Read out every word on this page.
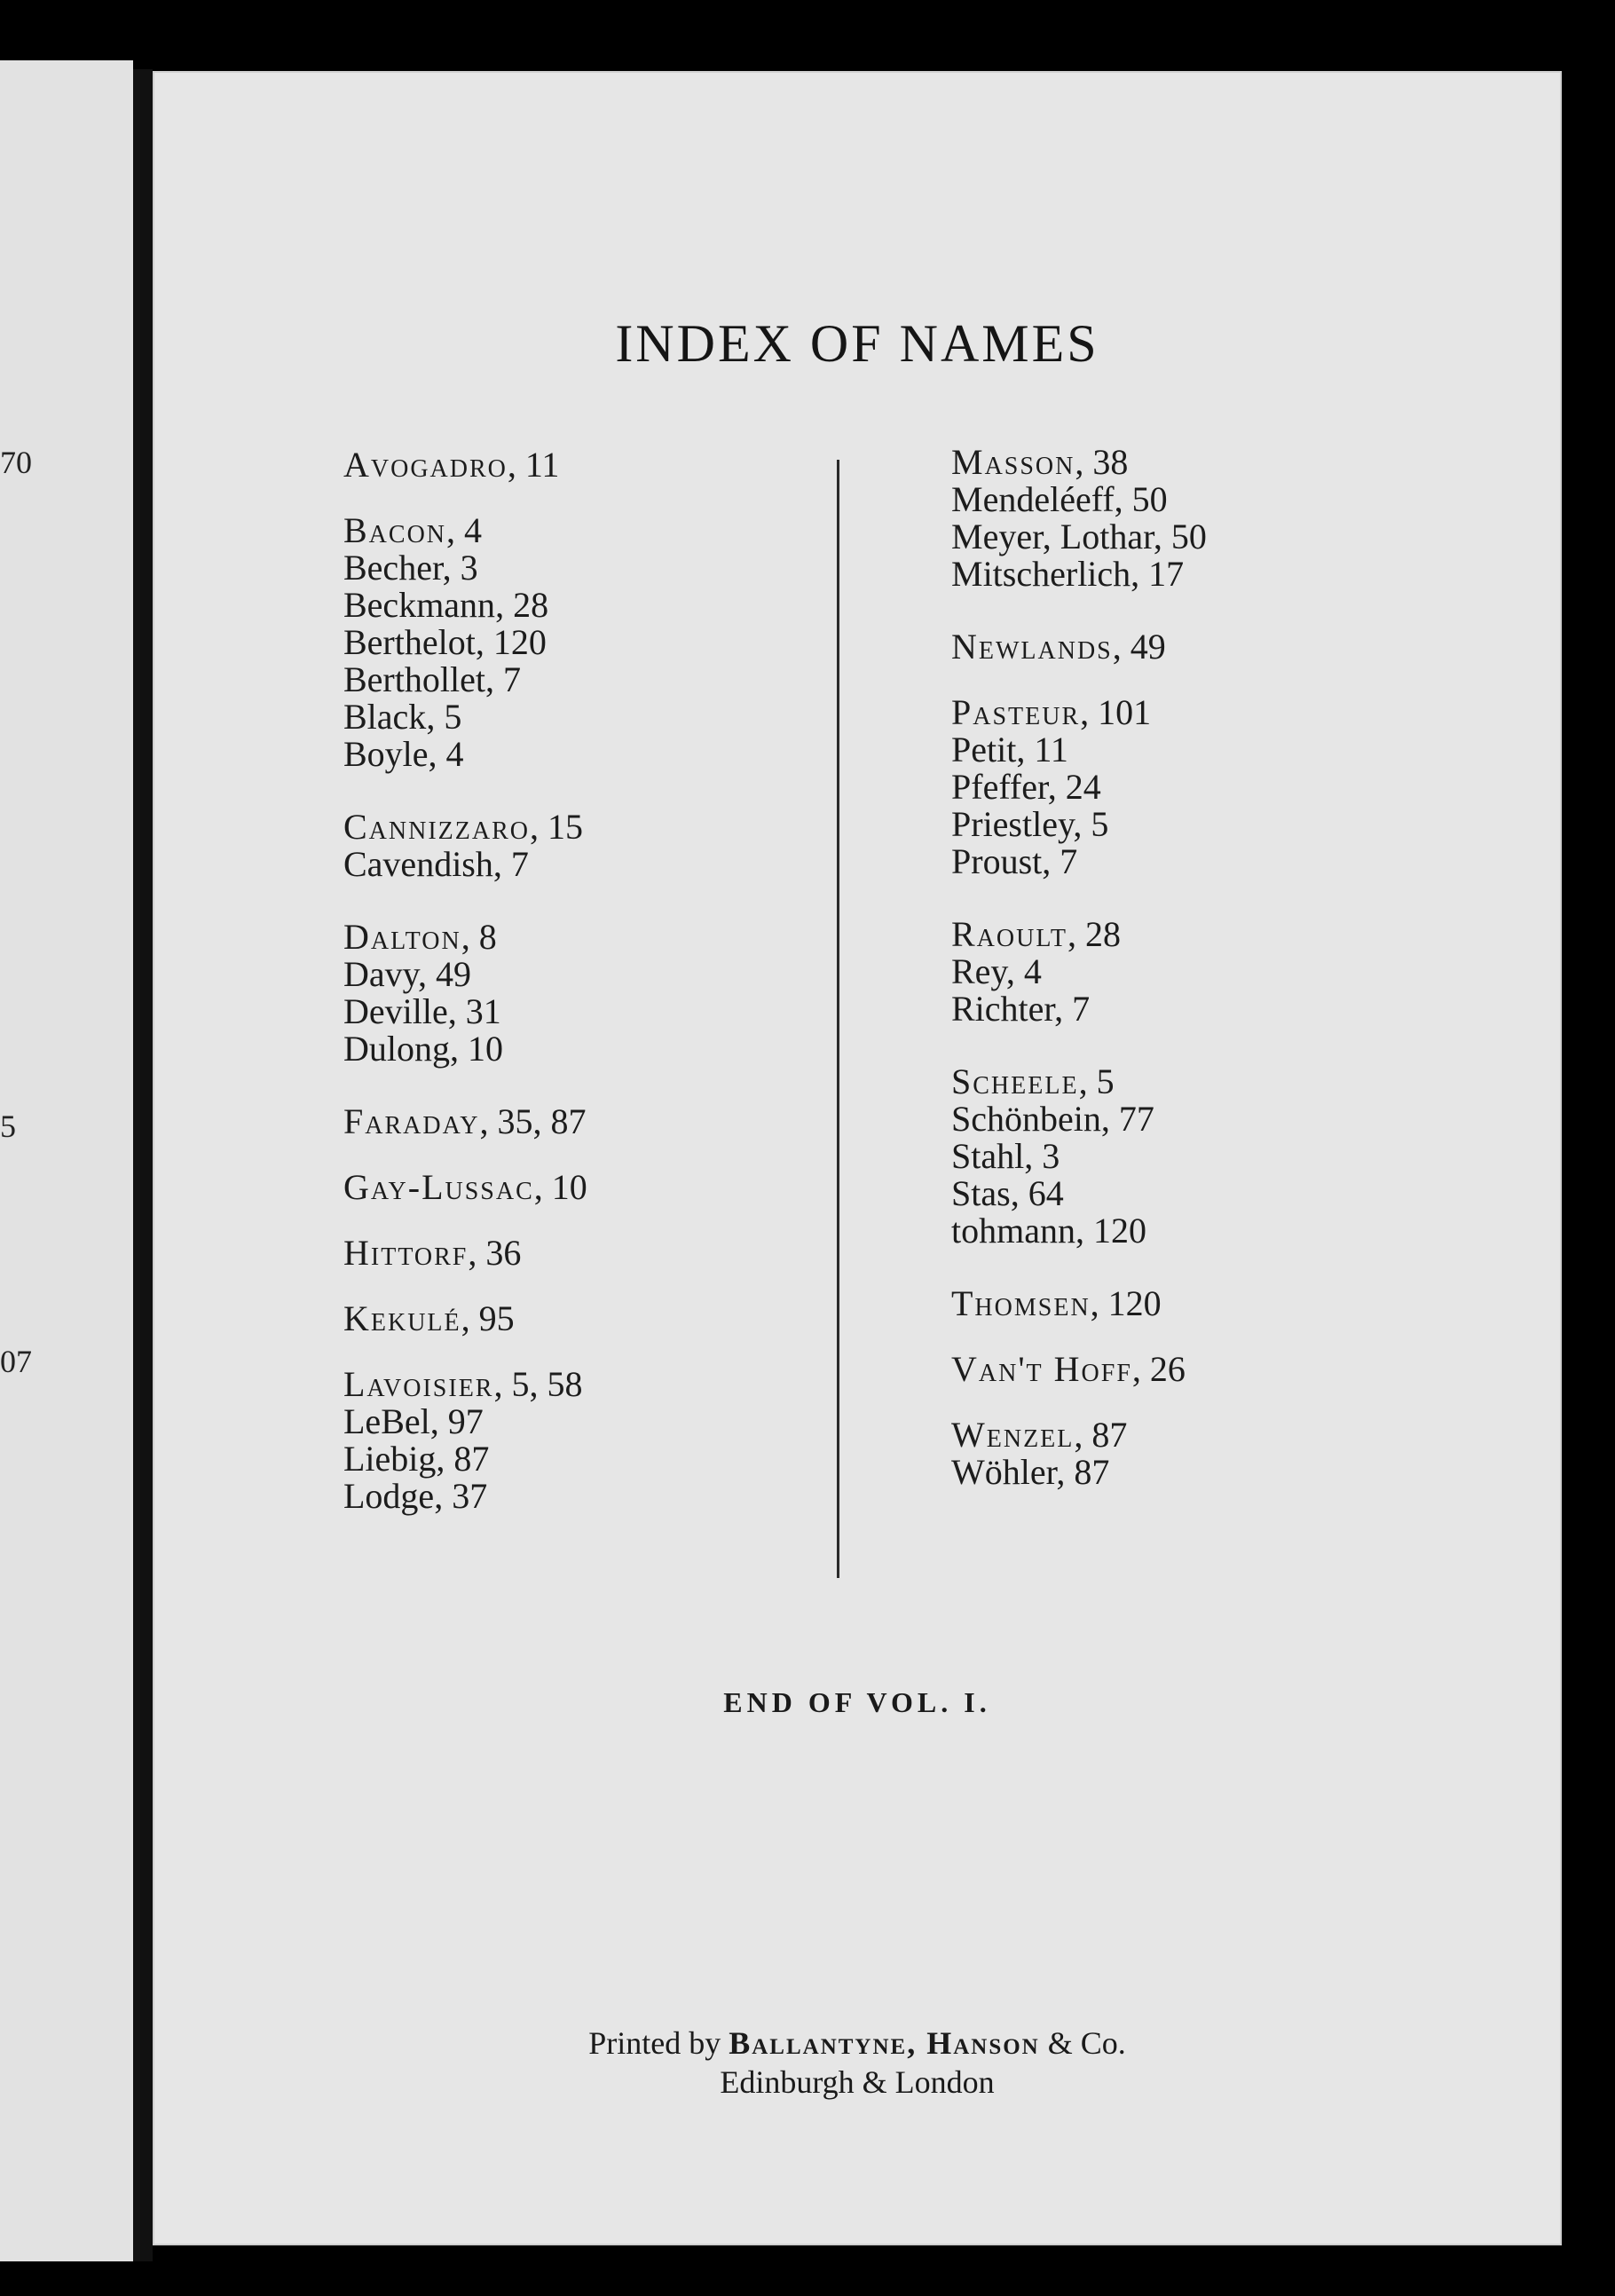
70
5
07
INDEX OF NAMES
Avogadro, 11
Bacon, 4
Becher, 3
Beckmann, 28
Berthelot, 120
Berthollet, 7
Black, 5
Boyle, 4
Cannizzaro, 15
Cavendish, 7
Dalton, 8
Davy, 49
Deville, 31
Dulong, 10
Faraday, 35, 87
Gay-Lussac, 10
Hittorf, 36
Kekulé, 95
Lavoisier, 5, 58
LeBel, 97
Liebig, 87
Lodge, 37
Masson, 38
Mendeléeff, 50
Meyer, Lothar, 50
Mitscherlich, 17
Newlands, 49
Pasteur, 101
Petit, 11
Pfeffer, 24
Priestley, 5
Proust, 7
Raoult, 28
Rey, 4
Richter, 7
Scheele, 5
Schönbein, 77
Stahl, 3
Stas, 64
tohmann, 120
Thomsen, 120
Van't Hoff, 26
Wenzel, 87
Wöhler, 87
END OF VOL. I.
Printed by Ballantyne, Hanson & Co.
Edinburgh & London
